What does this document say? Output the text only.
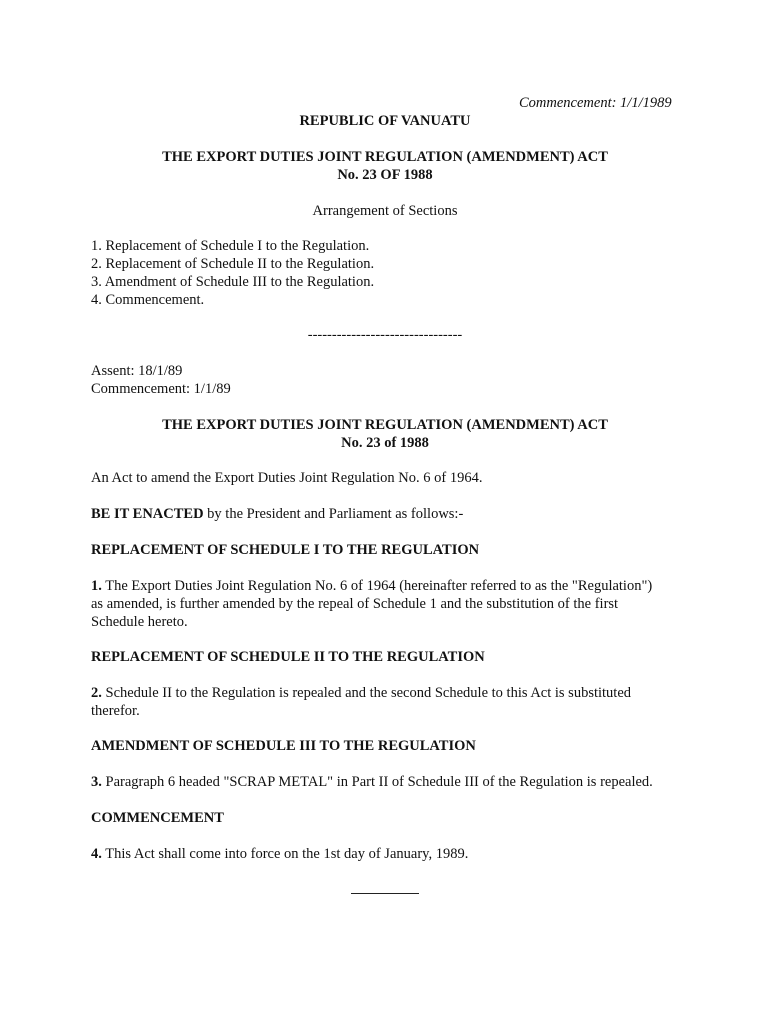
Commencement: 1/1/1989
REPUBLIC OF VANUATU
THE EXPORT DUTIES JOINT REGULATION (AMENDMENT) ACT
No. 23 OF 1988
Arrangement of Sections
1. Replacement of Schedule I to the Regulation.
2. Replacement of Schedule II to the Regulation.
3. Amendment of Schedule III to the Regulation.
4. Commencement.
--------------------------------
Assent: 18/1/89
Commencement: 1/1/89
THE EXPORT DUTIES JOINT REGULATION (AMENDMENT) ACT
No. 23 of 1988
An Act to amend the Export Duties Joint Regulation No. 6 of 1964.
BE IT ENACTED by the President and Parliament as follows:-
REPLACEMENT OF SCHEDULE I TO THE REGULATION
1. The Export Duties Joint Regulation No. 6 of 1964 (hereinafter referred to as the "Regulation")
as amended, is further amended by the repeal of Schedule 1 and the substitution of the first
Schedule hereto.
REPLACEMENT OF SCHEDULE II TO THE REGULATION
2. Schedule II to the Regulation is repealed and the second Schedule to this Act is substituted
therefor.
AMENDMENT OF SCHEDULE III TO THE REGULATION
3. Paragraph 6 headed "SCRAP METAL" in Part II of Schedule III of the Regulation is repealed.
COMMENCEMENT
4. This Act shall come into force on the 1st day of January, 1989.
